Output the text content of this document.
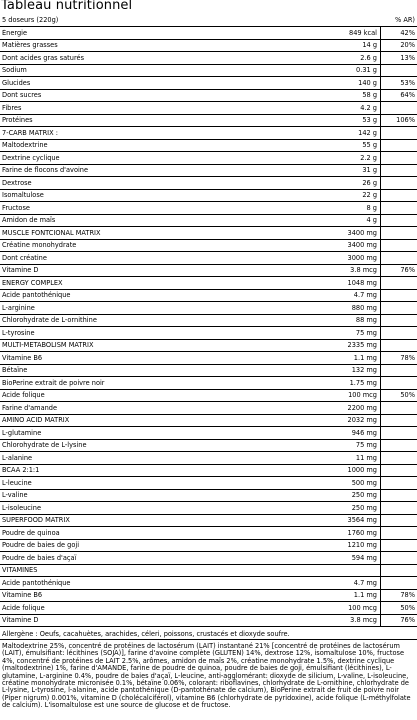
Tableau nutritionnel
5 doseurs (220g)	% AR)
Énergie	849 kcal	42%
Matières grasses	14 g	20%
Dont acides gras saturés	2.6 g	13%
Sodium	0.31 g
Glucides	140 g	53%
Dont sucres	58 g	64%
Fibres	4.2 g
Protéines	53 g	106%
7-CARB MATRIX :	142 g
Maltodextrine	55 g
Dextrine cyclique	2.2 g
Farine de flocons d'avoine	31 g
Dextrose	26 g
Isomaltulose	22 g
Fructose	8 g
Amidon de maïs	4 g
MUSCLE FONTCIONAL MATRIX	3400 mg
Créatine monohydrate	3400 mg
Dont créatine	3000 mg
Vitamine D	3.8 mcg	76%
ENERGY COMPLEX	1048 mg
Acide pantothénique	4.7 mg
L-arginine	880 mg
Chlorohydrate de L-ornithine	88 mg
L-tyrosine	75 mg
MULTI-METABOLISM MATRIX	2335 mg
Vitamine B6	1.1 mg	78%
Bétaïne	132 mg
BioPerine extrait de poivre noir	1.75 mg
Acide folique	100 mcg	50%
Farine d'amande	2200 mg
AMINO ACID MATRIX	2032 mg
L-glutamine	946 mg
Chlorohydrate de L-lysine	75 mg
L-alanine	11 mg
BCAA 2:1:1	1000 mg
L-leucine	500 mg
L-valine	250 mg
L-isoleucine	250 mg
SUPERFOOD MATRIX	3564 mg
Poudre de quinoa	1760 mg
Poudre de baies de goji	1210 mg
Poudre de baies d'açaï	594 mg
VITAMINES
Acide pantothénique	4.7 mg
Vitamine B6	1.1 mg	78%
Acide folique	100 mcg	50%
Vitamine D	3.8 mcg	76%
Allergène : Oeufs, cacahuètes, arachides, céleri, poissons, crustacés et dioxyde soufre.
Maltodextrine 25%, concentré de protéines de lactosérum (LAIT) instantané 21% [concentré de protéines de lactosérum (LAIT), émulsifiant: lécithines (SOJA)], farine d'avoine complète (GLUTEN) 14%, dextrose 12%, isomaltulose 10%, fructose 4%, concentré de protéines de LAIT 2.5%, arômes, amidon de maïs 2%, créatine monohydrate 1.5%, dextrine cyclique (maltodextrine) 1%, farine d'AMANDE, farine de poudre de quinoa, poudre de baies de goji, émulsifiant (lécithines), L-glutamine, L-arginine 0.4%, poudre de baies d'açaï, L-leucine, anti-agglomérant: dioxyde de silicium, L-valine, L-isoleucine, créatine monohydrate micronisée 0.1%, bétaïne 0.06%, colorant: riboflavines, chlorhydrate de L-ornithine, chlorhydrate de L-lysine, L-tyrosine, l-alanine, acide pantothénique (D-pantothénate de calcium), BioPerine extrait de fruit de poivre noir (Piper nigrum) 0.001%, vitamine D (cholécalciférol), vitamine B6 (chlorhydrate de pyridoxine), acide folique (L-méthylfolate de calcium). L'isomaltulose est une source de glucose et de fructose.
